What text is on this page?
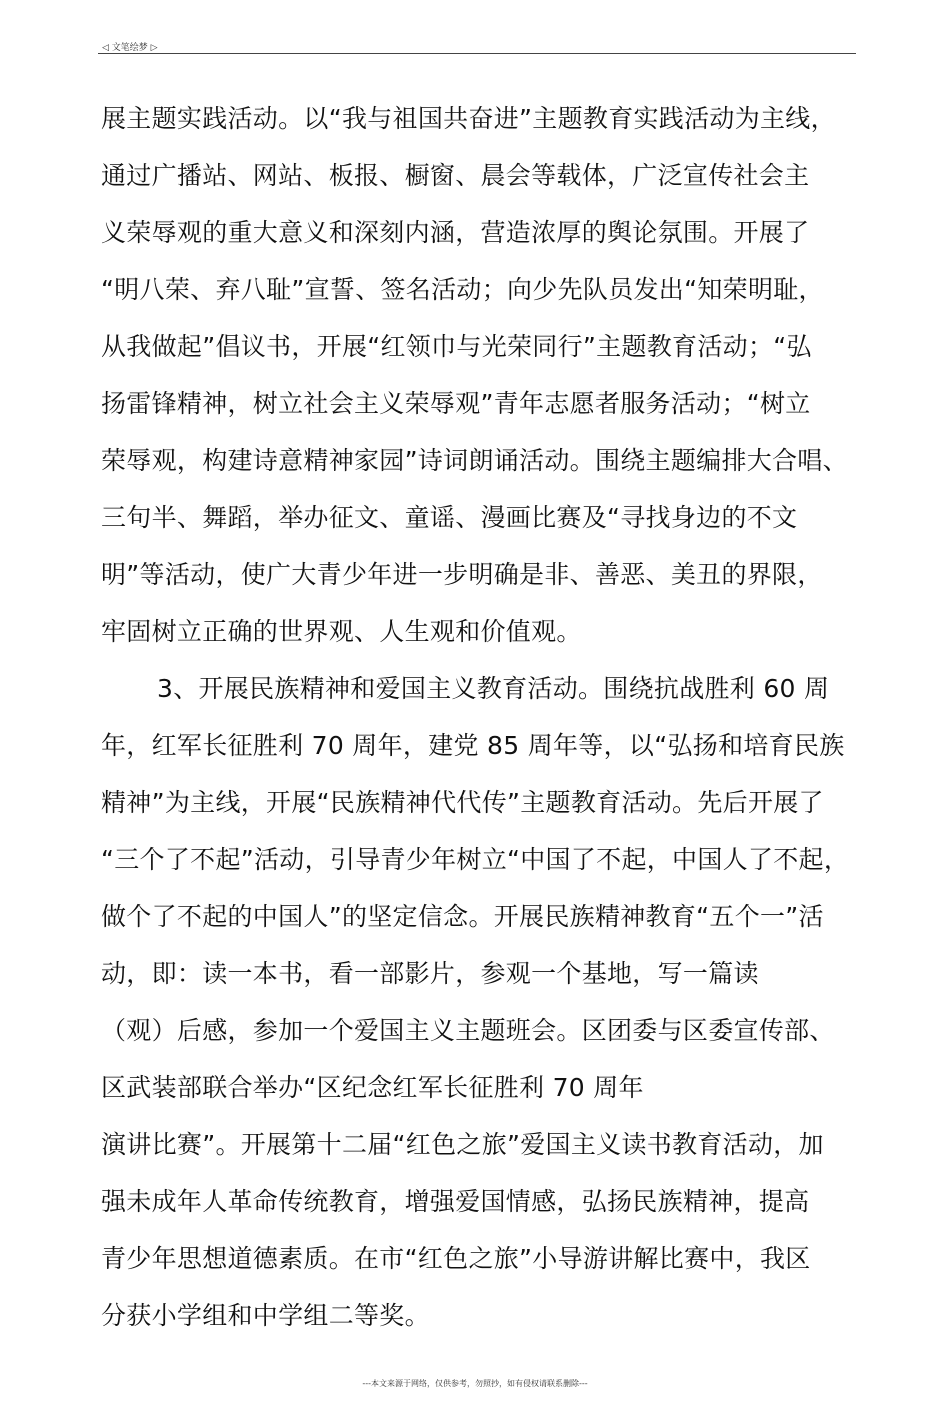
◁ 文笔绘梦 ▷
展主题实践活动。以“我与祖国共奋进”主题教育实践活动为主线，
通过广播站、网站、板报、橱窗、晨会等载体，广泛宣传社会主
义荣辱观的重大意义和深刻内涵，营造浓厚的舆论氛围。开展了
“明八荣、弃八耻”宣誓、签名活动；向少先队员发出“知荣明耻，
从我做起”倡议书，开展“红领巾与光荣同行”主题教育活动；“弘
扬雷锋精神，树立社会主义荣辱观”青年志愿者服务活动；“树立
荣辱观，构建诗意精神家园”诗词朗诵活动。围绕主题编排大合唱、
三句半、舞蹈，举办征文、童谣、漫画比赛及“寻找身边的不文
明”等活动，使广大青少年进一步明确是非、善恶、美丑的界限，
牢固树立正确的世界观、人生观和价值观。
3、开展民族精神和爱国主义教育活动。围绕抗战胜利 60 周
年，红军长征胜利 70 周年，建党 85 周年等，以“弘扬和培育民族
精神”为主线，开展“民族精神代代传”主题教育活动。先后开展了
“三个了不起”活动，引导青少年树立“中国了不起，中国人了不起，
做个了不起的中国人”的坚定信念。开展民族精神教育“五个一”活
动，即：读一本书，看一部影片，参观一个基地，写一篇读
（观）后感，参加一个爱国主义主题班会。区团委与区委宣传部、
区武装部联合举办“区纪念红军长征胜利 70 周年
演讲比赛”。开展第十二届“红色之旅”爱国主义读书教育活动，加
强未成年人革命传统教育，增强爱国情感，弘扬民族精神，提高
青少年思想道德素质。在市“红色之旅”小导游讲解比赛中，我区
分获小学组和中学组二等奖。
---本文来源于网络，仅供参考，勿照抄，如有侵权请联系删除---
